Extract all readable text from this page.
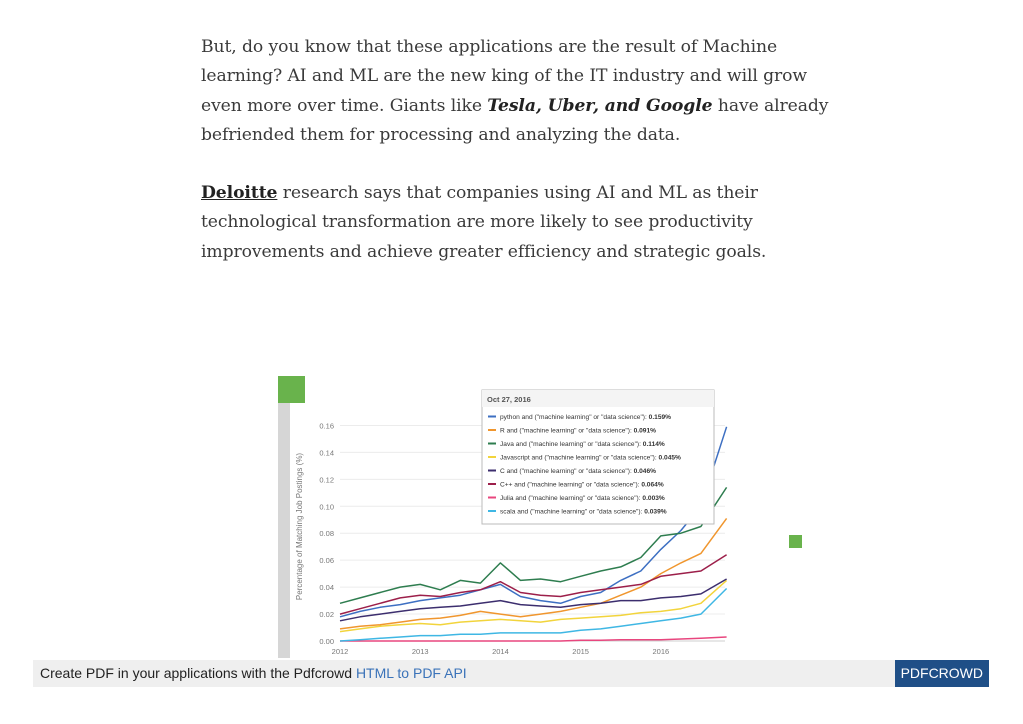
But, do you know that these applications are the result of Machine learning? AI and ML are the new king of the IT industry and will grow even more over time. Giants like Tesla, Uber, and Google have already befriended them for processing and analyzing the data.

Deloitte research says that companies using AI and ML as their technological transformation are more likely to see productivity improvements and achieve greater efficiency and strategic goals.

0.00
0.02
0.04
0.06
0.08
0.10
0.12
0.14
0.16
2012	2013	2014	2015	2016
Percentage of Matching Job Postings (%)
Oct 27, 2016
python and ("machine learning" or "data science"): 0.159%
R and ("machine learning" or "data science"): 0.091%
Java and ("machine learning" or "data science"): 0.114%
Javascript and ("machine learning" or "data science"): 0.045%
C and ("machine learning" or "data science"): 0.046%
C++ and ("machine learning" or "data science"): 0.064%
Julia and ("machine learning" or "data science"): 0.003%
scala and ("machine learning" or "data science"): 0.039%
Create PDF in your applications with the Pdfcrowd HTML to PDF API	PDFCROWD
